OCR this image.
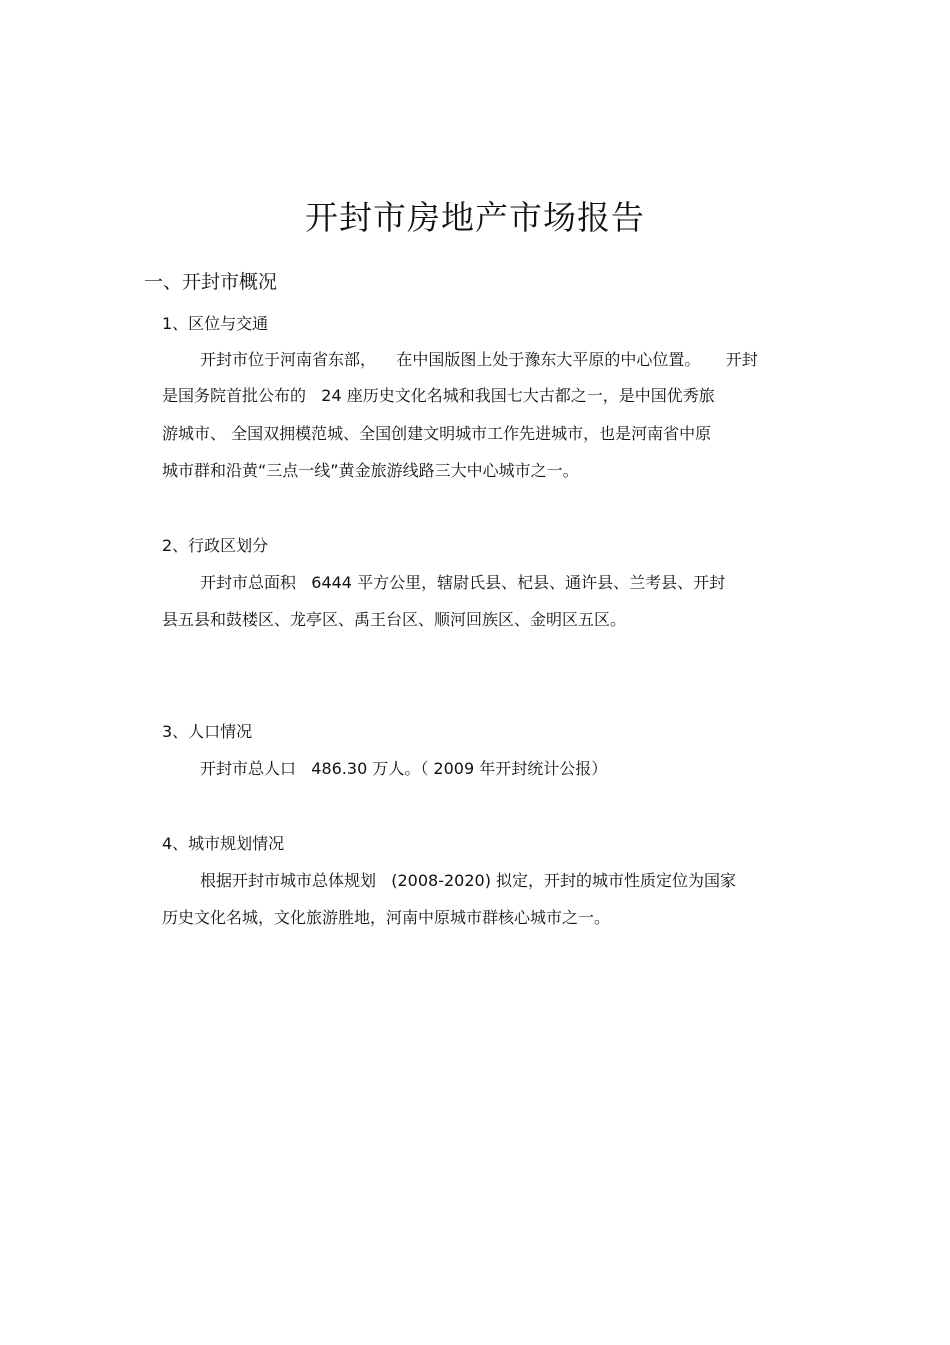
开封市房地产市场报告
一、开封市概况
1、区位与交通

开封市位于河南省东部，    在中国版图上处于豫东大平原的中心位置。     开封

是国务院首批公布的   24 座历史文化名城和我国七大古都之一，是中国优秀旅

游城市、 全国双拥模范城、全国创建文明城市工作先进城市，也是河南省中原

城市群和沿黄“三点一线”黄金旅游线路三大中心城市之一。

2、行政区划分

开封市总面积   6444 平方公里，辖尉氏县、杞县、通许县、兰考县、开封

县五县和鼓楼区、龙亭区、禹王台区、顺河回族区、金明区五区。

3、人口情况

开封市总人口   486.30 万人。（ 2009 年开封统计公报）

4、城市规划情况

根据开封市城市总体规划   (2008-2020) 拟定，开封的城市性质定位为国家

历史文化名城，文化旅游胜地，河南中原城市群核心城市之一。
